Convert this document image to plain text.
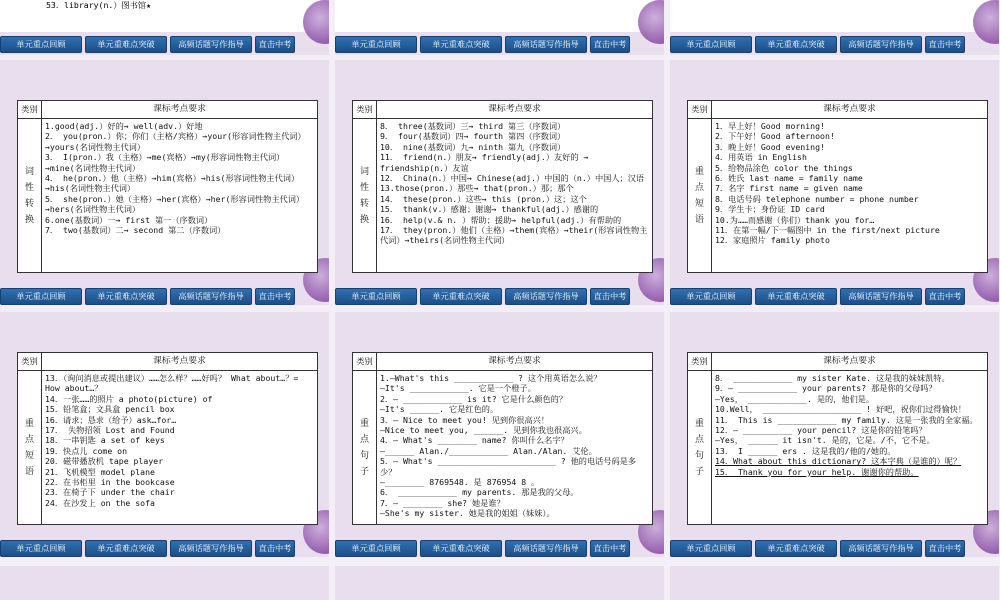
53．library(n.）图书馆★
单元重点回顾	单元重难点突破	高频话题写作指导	直击中考	单元重点回顾	单元重难点突破	高频话题写作指导	直击中考	单元重点回顾	单元重难点突破	高频话题写作指导	直击中考
类别	课标考点要求
词
性
转
换
1.good(adj.）好的→ well(adv.）好地
2． you(pron.）你；你们（主格/宾格）→your(形容词性物主代词）→yours(名词性物主代词）
3． I(pron.）我（主格）→me(宾格）→my(形容词性物主代词）→mine(名词性物主代词）
4． he(pron.）他（主格）→him(宾格）→his(形容词性物主代词）→his(名词性物主代词）
5． she(pron.）她（主格）→her(宾格）→her(形容词性物主代词）→hers(名词性物主代词）
6.one(基数词）一→ first 第一（序数词）
7． two(基数词）二→ second 第二（序数词）
单元重点回顾	单元重难点突破	高频话题写作指导	直击中考
类别	课标考点要求
词
性
转
换
8． three(基数词）三→ third 第三（序数词）
9． four(基数词）四→ fourth 第四（序数词）
10． nine(基数词）九→ ninth 第九（序数词）
11． friend(n.）朋友→ friendly(adj.）友好的 → friendship(n.）友谊
12． China(n.）中国→ Chinese(adj.）中国的（n.）中国人；汉语
13.those(pron.）那些→ that(pron.）那；那个
14． these(pron.）这些→ this (pron.）这；这个
15． thank(v.）感谢；谢谢→ thankful(adj.）感谢的
16． help(v.& n. ）帮助；援助→ helpful(adj.）有帮助的
17． they(pron.）他们（主格）→them(宾格）→their(形容词性物主代词）→theirs(名词性物主代词）
单元重点回顾	单元重难点突破	高频话题写作指导	直击中考
类别	课标考点要求
重
点
短
语
1．早上好！Good morning!
2．下午好！Good afternoon!
3．晚上好！Good evening!
4．用英语 in English
5．给物品涂色 color the things
6．姓氏 last name = family name
7．名字 first name = given name
8．电话号码 telephone number = phone number
9．学生卡；身份证 ID card
10.为……而感谢（你们）thank you for…
11．在第一幅/下一幅图中 in the first/next picture
12．家庭照片 family photo
单元重点回顾	单元重难点突破	高频话题写作指导	直击中考
类别	课标考点要求
重
点
短
语
13．（询问消息或提出建议）……怎么样？……好吗？ What about…？= How about…？
14．一张……的照片 a photo(picture) of
15．铅笔盒；文具盒 pencil box
16．请求；恳求（给予）ask…for…
17． 失物招领 Lost and Found
18．一串钥匙 a set of keys
19．快点儿 come on
20．磁带播放机 tape player
21．飞机模型 model plane
22．在书柜里 in the bookcase
23．在椅子下 under the chair
24．在沙发上 on the sofa
单元重点回顾	单元重难点突破	高频话题写作指导	直击中考
类别	课标考点要求
重
点
句
子
1.—What's this ____________ ? 这个用英语怎么说？
—It's ____________. 它是一个橙子。
2．— ____________ is it? 它是什么颜色的？
—It's ______. 它是红色的。
3．— Nice to meet you! 见到你很高兴！
—Nice to meet you, ______. 见到你我也很高兴。
4．— What's ________ name? 你叫什么名字？
—______ Alan./____________ Alan./Alan. 艾伦。
5．— What's ________________________ ? 他的电话号码是多少？
—________ 8769548. 是 876954 8 。
6． ____________ my parents. 那是我的父母。
7．— ________ she? 她是谁？
—She's my sister. 她是我的姐姐（妹妹）。
单元重点回顾	单元重难点突破	高频话题写作指导	直击中考
类别	课标考点要求
重
点
句
子
8． ____________ my sister Kate. 这是我的妹妹凯特。
9．— ____________ your parents? 那是你的父母吗？
—Yes， ____________. 是的，他们是。
10.Well， ____________________ ! 好吧，祝你们过得愉快！
11． This is ____________ my family. 这是一张我的全家福。
12．— __________ your pencil? 这是你的铅笔吗？
—Yes， ______ it isn't. 是的，它是。/不，它不是。
13． I ______ ers . 这是我的/他的/她的。
14．What about this dictionary? 这本字典（是谁的）呢？
15． Thank you for your help. 谢谢你的帮助。
单元重点回顾	单元重难点突破	高频话题写作指导	直击中考
